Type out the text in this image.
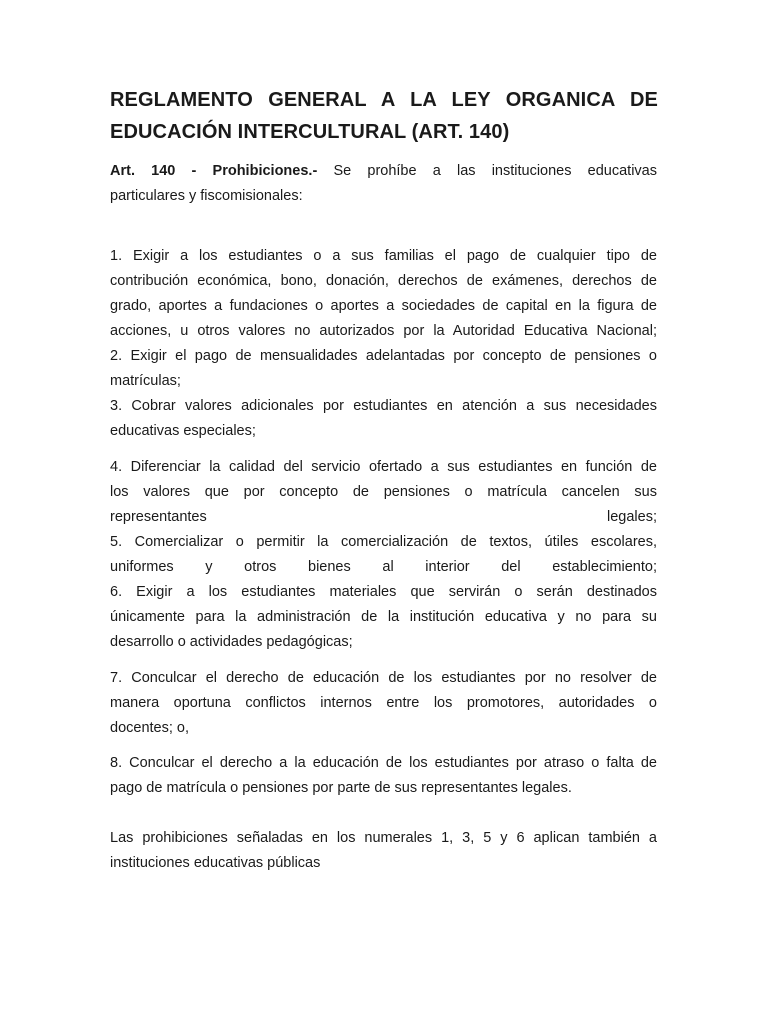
REGLAMENTO GENERAL A LA LEY ORGANICA DE EDUCACIÓN INTERCULTURAL (ART. 140)
Art. 140 - Prohibiciones.- Se prohíbe a las instituciones educativas
particulares y fiscomisionales:
1. Exigir a los estudiantes o a sus familias el pago de cualquier tipo de
contribución económica, bono, donación, derechos de exámenes, derechos de
grado, aportes a fundaciones o aportes a sociedades de capital en la figura de
acciones, u otros valores no autorizados por la Autoridad Educativa Nacional;
2. Exigir el pago de mensualidades adelantadas por concepto de pensiones o
matrículas;
3. Cobrar valores adicionales por estudiantes en atención a sus necesidades
educativas especiales;
4. Diferenciar la calidad del servicio ofertado a sus estudiantes en función de
los valores que por concepto de pensiones o matrícula cancelen sus
representantes legales;
5. Comercializar o permitir la comercialización de textos, útiles escolares,
uniformes y otros bienes al interior del establecimiento;
6. Exigir a los estudiantes materiales que servirán o serán destinados
únicamente para la administración de la institución educativa y no para su
desarrollo o actividades pedagógicas;
7. Conculcar el derecho de educación de los estudiantes por no resolver de
manera oportuna conflictos internos entre los promotores, autoridades o
docentes; o,
8. Conculcar el derecho a la educación de los estudiantes por atraso o falta de
pago de matrícula o pensiones por parte de sus representantes legales.
Las prohibiciones señaladas en los numerales 1, 3, 5 y 6 aplican también a
instituciones educativas públicas
